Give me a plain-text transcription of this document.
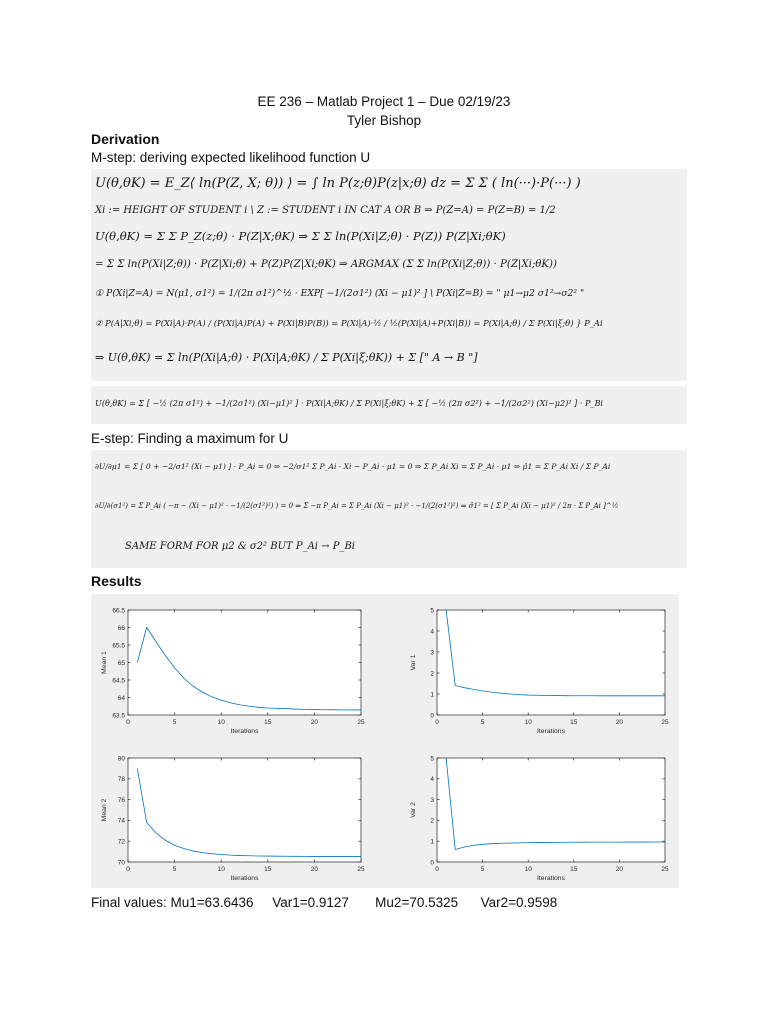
EE 236 – Matlab Project 1 – Due 02/19/23
Tyler Bishop
Derivation
M-step: deriving expected likelihood function U
U(θ,θK) = E_Z⟨ ln(P(Z, X; θ)) ⟩ = ∫ ln P(z;θ)P(z|x;θ) dz = Σ Σ ( ln(···)·P(···) )
Xi := HEIGHT OF STUDENT i \ Z := STUDENT i IN CAT A OR B ⇒ P(Z=A) = P(Z=B) = 1/2
U(θ,θK) = Σ Σ P_Z(z;θ) · P(Z|X;θK) ⇒ Σ Σ ln(P(Xi|Z;θ) · P(Z)) P(Z|Xi;θK)
= Σ Σ ln(P(Xi|Z;θ)) · P(Z|Xi;θ) + P(Z)P(Z|Xi;θK) ⇒ ARGMAX (Σ Σ ln(P(Xi|Z;θ)) · P(Z|Xi;θK))
① P(Xi|Z=A) = N(μ1, σ1²) = 1/(2π σ1²)^½ · EXP[ −1/(2σ1²) (Xi − μ1)² ] \ P(Xi|Z=B) = " μ1→μ2 σ1²→σ2² "
② P(A|Xi;θ) = P(Xi|A)·P(A) / (P(Xi|A)P(A) + P(Xi|B)P(B)) = P(Xi|A)·½ / ½(P(Xi|A)+P(Xi|B)) = P(Xi|A;θ) / Σ P(Xi|ξ;θ) } P_Ai
⇒ U(θ,θK) = Σ ln(P(Xi|A;θ) · P(Xi|A;θK) / Σ P(Xi|ξ;θK)) + Σ [" A → B "]
U(θ,θK) = Σ [ −½ (2π σ1²) + −1/(2σ1²) (Xi−μ1)² ] · P(Xi|A;θK) / Σ P(Xi|ξ;θK) + Σ [ −½ (2π σ2²) + −1/(2σ2²) (Xi−μ2)² ] · P_Bi
E-step: Finding a maximum for U
∂U/∂μ1 = Σ [ 0 + −2/σ1² (Xi − μ1) ] · P_Ai = 0 ⇒ −2/σ1² Σ P_Ai · Xi − P_Ai · μ1 = 0 ⇒ Σ P_Ai Xi = Σ P_Ai · μ1 ⇒ μ̂1 = Σ P_Ai Xi / Σ P_Ai
∂U/∂(σ1²) = Σ P_Ai ( −π − (Xi − μ1)² · −1/(2(σ1²)²) ) = 0 ⇒ Σ −π P_Ai = Σ P_Ai (Xi − μ1)² · −1/(2(σ1²)²) ⇒ σ̂1² = [ Σ P_Ai (Xi − μ1)² / 2π · Σ P_Ai ]^½
SAME FORM FOR μ2 & σ2² BUT P_Ai → P_Bi
Results
0	5	10	15	20	25
63.5
64
64.5
65
65.5
66
66.5
Iterations
Mean 1
0	5	10	15	20	25
0
1
2
3
4
5
Iterations
Var 1
0	5	10	15	20	25
70
72
74
76
78
80
Iterations
Mean 2
0	5	10	15	20	25
0
1
2
3
4
5
Iterations
Var 2
Final values: Mu1=63.6436     Var1=0.9127       Mu2=70.5325      Var2=0.9598
